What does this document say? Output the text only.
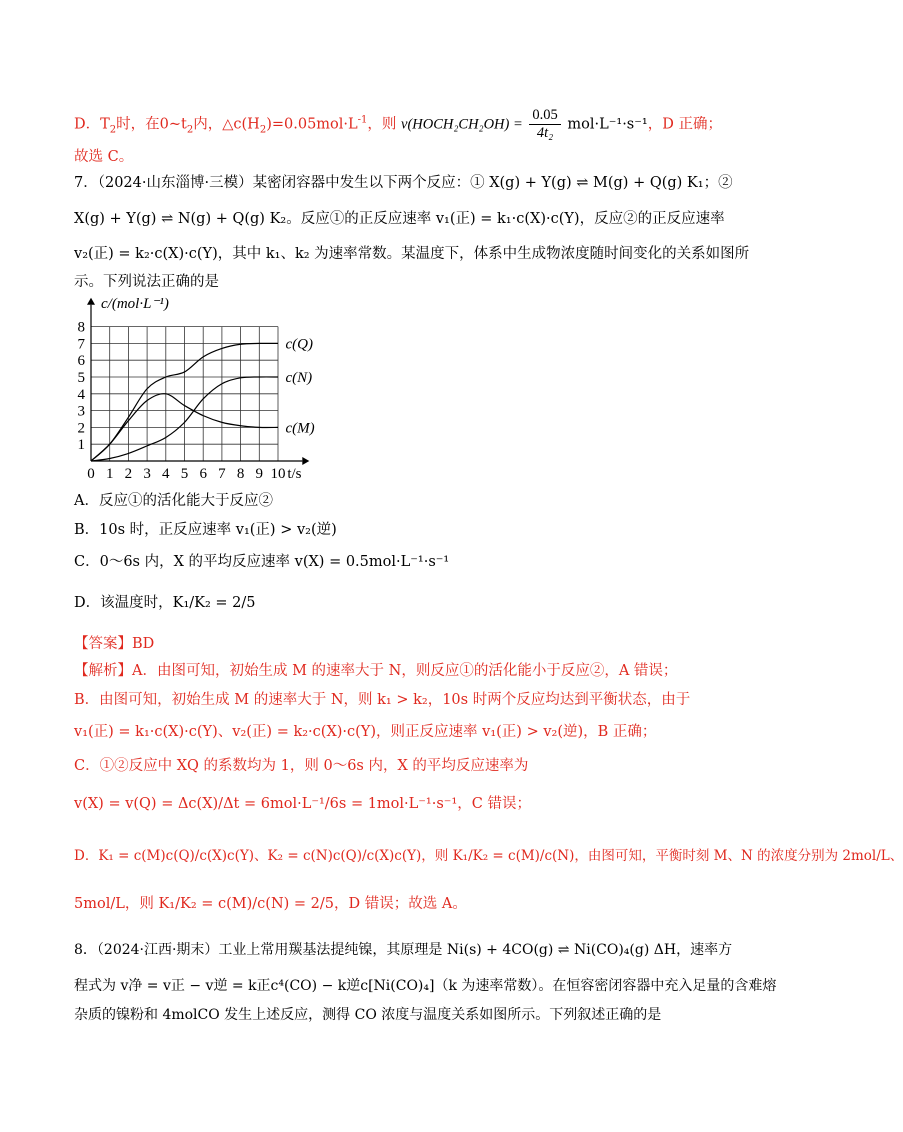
D．$T_2$时，在$0\sim t_2$内，$\triangle c(H_2)=0.05mol\cdot L^{-1}$，则 v(HOCH₂CH₂OH) = $\frac{0.05}{\text{4t₂}} mol\cdot L^{-1}\cdot s^{-1}$，D 正确；
故选 C。
7．（2024·山东淄博·三模）某密闭容器中发生以下两个反应：① X(g) + Y(g) ⇌ M(g) + Q(g) K₁；②
X(g) + Y(g) ⇌ N(g) + Q(g) K₂。反应①的正反应速率 v₁(正) = k₁·c(X)·c(Y)，反应②的正反应速率
v₂(正) = k₂·c(X)·c(Y)，其中 k₁、k₂ 为速率常数。某温度下，体系中生成物浓度随时间变化的关系如图所
示。下列说法正确的是
1
2
3
4
5
6
7
8
0 1 2 3 4 5 6 7 8 9 10
c/(mol·L⁻¹)
t/s
c(Q)
c(N)
c(M)
A．反应①的活化能大于反应②
B．10s 时，正反应速率 v₁(正) > v₂(逆)
C．0～6s 内，X 的平均反应速率 v(X) = 0.5mol·L⁻¹·s⁻¹
D．该温度时，K₁/K₂ = 2/5
【答案】BD
【解析】A．由图可知，初始生成 M 的速率大于 N，则反应①的活化能小于反应②，A 错误；
B．由图可知，初始生成 M 的速率大于 N，则 k₁ > k₂，10s 时两个反应均达到平衡状态，由于
v₁(正) = k₁·c(X)·c(Y)、v₂(正) = k₂·c(X)·c(Y)，则正反应速率 v₁(正) > v₂(逆)，B 正确；
C．①②反应中 XQ 的系数均为 1，则 0～6s 内，X 的平均反应速率为
v(X) = v(Q) = Δc(X)/Δt = 6mol·L⁻¹/6s = 1mol·L⁻¹·s⁻¹，C 错误；
D．K₁ = c(M)c(Q)/c(X)c(Y)、K₂ = c(N)c(Q)/c(X)c(Y)，则 K₁/K₂ = c(M)/c(N)，由图可知，平衡时刻 M、N 的浓度分别为 2mol/L、
5mol/L，则 K₁/K₂ = c(M)/c(N) = 2/5，D 错误；故选 A。
8．（2024·江西·期末）工业上常用羰基法提纯镍，其原理是 Ni(s) + 4CO(g) ⇌ Ni(CO)₄(g) ΔH，速率方
程式为 v净 = v正 − v逆 = k正c⁴(CO) − k逆c[Ni(CO)₄]（k 为速率常数）。在恒容密闭容器中充入足量的含难熔
杂质的镍粉和 4molCO 发生上述反应，测得 CO 浓度与温度关系如图所示。下列叙述正确的是
